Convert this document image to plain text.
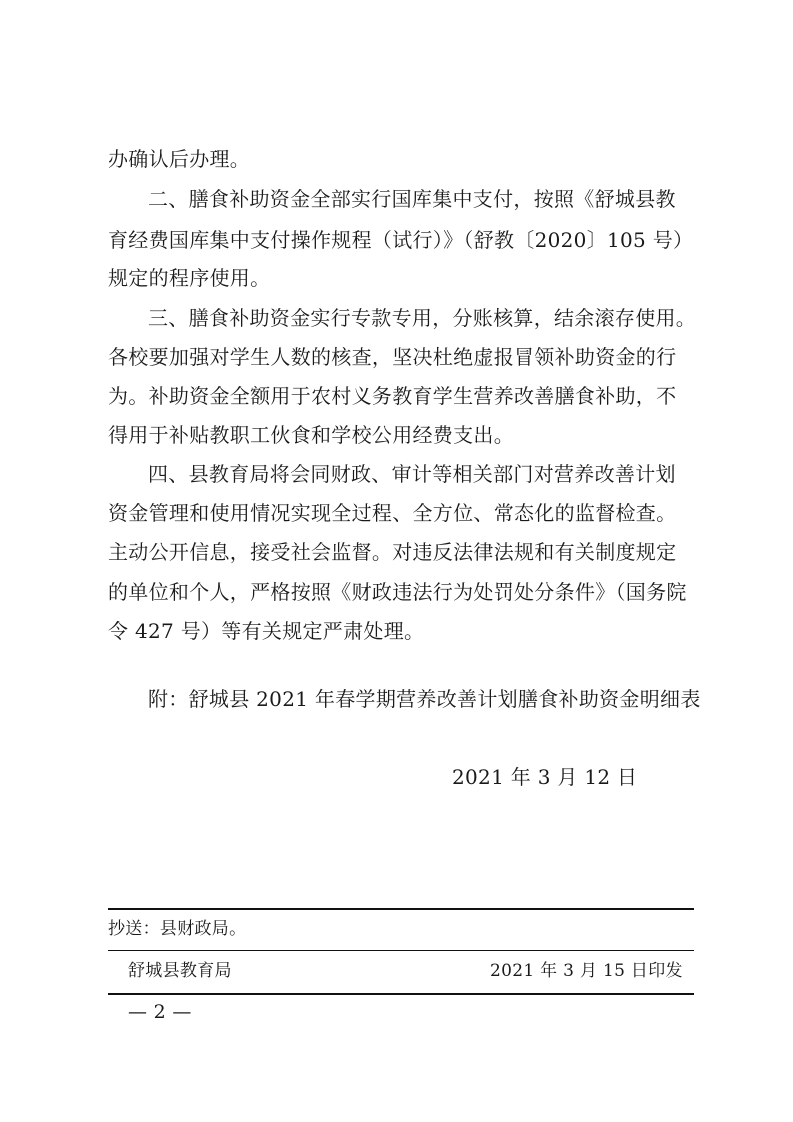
办确认后办理。
二、膳食补助资金全部实行国库集中支付，按照《舒城县教
育经费国库集中支付操作规程（试行）》（舒教〔2020〕105 号）
规定的程序使用。
三、膳食补助资金实行专款专用，分账核算，结余滚存使用。
各校要加强对学生人数的核查，坚决杜绝虚报冒领补助资金的行
为。补助资金全额用于农村义务教育学生营养改善膳食补助，不
得用于补贴教职工伙食和学校公用经费支出。
四、县教育局将会同财政、审计等相关部门对营养改善计划
资金管理和使用情况实现全过程、全方位、常态化的监督检查。
主动公开信息，接受社会监督。对违反法律法规和有关制度规定
的单位和个人，严格按照《财政违法行为处罚处分条件》（国务院
令 427 号）等有关规定严肃处理。
附：舒城县 2021 年春学期营养改善计划膳食补助资金明细表
2021 年 3 月 12 日
抄送：县财政局。
舒城县教育局	2021 年 3 月 15 日印发
— 2 —
